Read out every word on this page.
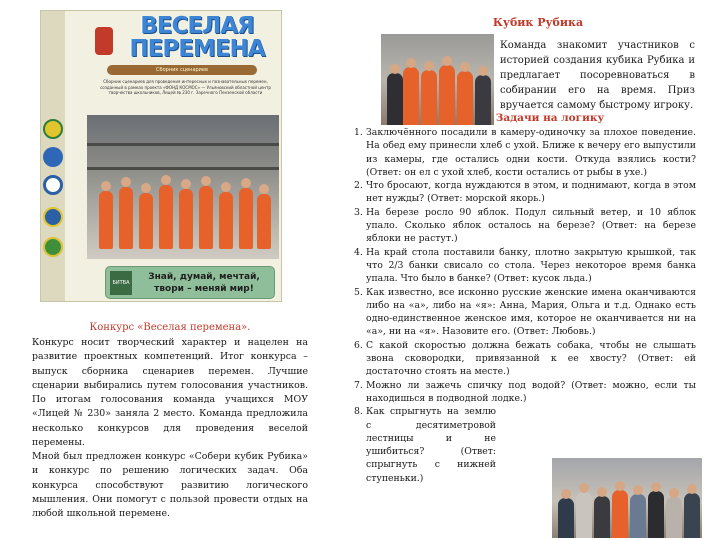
ВЕСЕЛАЯ ПЕРЕМЕНА
Сборник сценариев
Сборник сценариев для проведения интересных и познавательных перемен, созданный в рамках проекта «ФОНД КОСМОС» — Ульяновский областной центр творчества школьников, Лицей № 230 г. Заречного Пензенской области
БИТВА
Знай, думай, мечтай, твори – меняй мир!
Конкурс «Веселая перемена».

Конкурс носит творческий характер и нацелен на развитие проектных компетенций. Итог конкурса – выпуск сборника сценариев перемен. Лучшие сценарии выбирались путем голосования участников. По итогам голосования команда учащихся МОУ «Лицей № 230» заняла 2 место. Команда предложила несколько конкурсов для проведения веселой перемены.

Мной был предложен конкурс «Собери кубик Рубика» и конкурс по решению логических задач. Оба конкурса способствуют развитию логического мышления. Они помогут с пользой провести отдых на любой школьной перемене.

Кубик Рубика
Команда знакомит участников с историей создания кубика Рубика и предлагает посоревноваться в собирании его на время. Приз вручается самому быстрому игроку.
Задачи на логику
1. Заключённого посадили в камеру-одиночку за плохое поведение. На обед ему принесли хлеб с ухой. Ближе к вечеру его выпустили из камеры, где остались одни кости. Откуда взялись кости? (Ответ: он ел с ухой хлеб, кости остались от рыбы в ухе.)
2. Что бросают, когда нуждаются в этом, и поднимают, когда в этом нет нужды? (Ответ: морской якорь.)
3. На березе росло 90 яблок. Подул сильный ветер, и 10 яблок упало. Сколько яблок осталось на березе? (Ответ: на березе яблоки не растут.)
4. На край стола поставили банку, плотно закрытую крышкой, так что 2/3 банки свисало со стола. Через некоторое время банка упала. Что было в банке? (Ответ: кусок льда.)
5. Как известно, все исконно русские женские имена оканчиваются либо на «а», либо на «я»: Анна, Мария, Ольга и т.д. Однако есть одно-единственное женское имя, которое не оканчивается ни на «а», ни на «я». Назовите его. (Ответ: Любовь.)
6. С какой скоростью должна бежать собака, чтобы не слышать звона сковородки, привязанной к ее хвосту? (Ответ: ей достаточно стоять на месте.)
7. Можно ли зажечь спичку под водой? (Ответ: можно, если ты находишься в подводной лодке.)
8. Как спрыгнуть на землю с десятиметровой лестницы и не ушибиться? (Ответ: спрыгнуть с нижней ступеньки.)
